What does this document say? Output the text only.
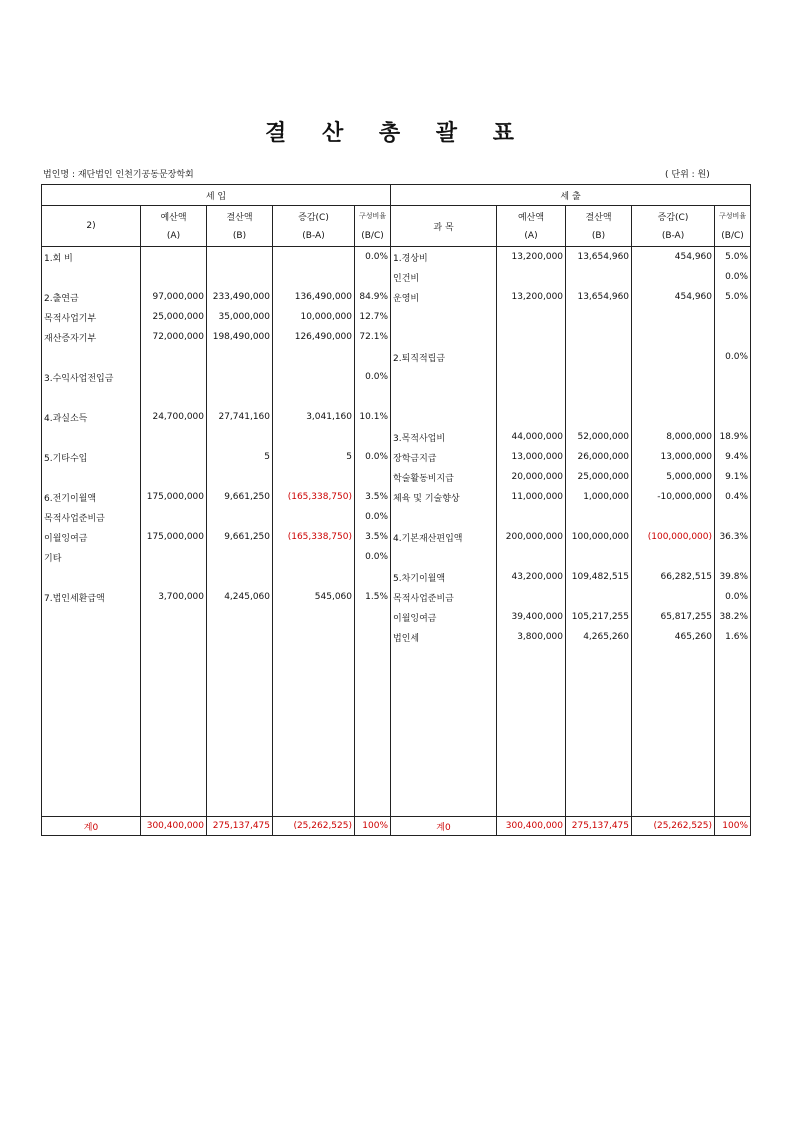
결 산 총 괄 표
법인명 : 재단법인 인천기공동문장학회	( 단위 : 원)
세 입					세 출				
2)	예산액	결산액	증감(C)	구성비율	과 목	예산액	결산액	증감(C)	구성비율
	(A)	(B)	(B-A)	(B/C)		(A)	(B)	(B-A)	(B/C)
1.회 비				0.0%	1.경상비	13,200,000	13,654,960	454,960	5.0%
					인건비				0.0%
2.출연금	97,000,000	233,490,000	136,490,000	84.9%	운영비	13,200,000	13,654,960	454,960	5.0%
목적사업기부	25,000,000	35,000,000	10,000,000	12.7%					
재산증자기부	72,000,000	198,490,000	126,490,000	72.1%					
					2.퇴직적립금				0.0%
3.수익사업전입금				0.0%					

4.과실소득	24,700,000	27,741,160	3,041,160	10.1%					
					3.목적사업비	44,000,000	52,000,000	8,000,000	18.9%
5.기타수입		5	5	0.0%	장학금지급	13,000,000	26,000,000	13,000,000	9.4%
					학술활동비지급	20,000,000	25,000,000	5,000,000	9.1%
6.전기이월액	175,000,000	9,661,250	(165,338,750)	3.5%	체육 및 기술향상	11,000,000	1,000,000	-10,000,000	0.4%
목적사업준비금				0.0%					
이월잉여금	175,000,000	9,661,250	(165,338,750)	3.5%	4.기본재산편입액	200,000,000	100,000,000	(100,000,000)	36.3%
기타				0.0%					
					5.차기이월액	43,200,000	109,482,515	66,282,515	39.8%
7.법인세환급액	3,700,000	4,245,060	545,060	1.5%	목적사업준비금				0.0%
					이월잉여금	39,400,000	105,217,255	65,817,255	38.2%
					법인세	3,800,000	4,265,260	465,260	1.6%

계0	300,400,000	275,137,475	(25,262,525)	100%	계0	300,400,000	275,137,475	(25,262,525)	100%
